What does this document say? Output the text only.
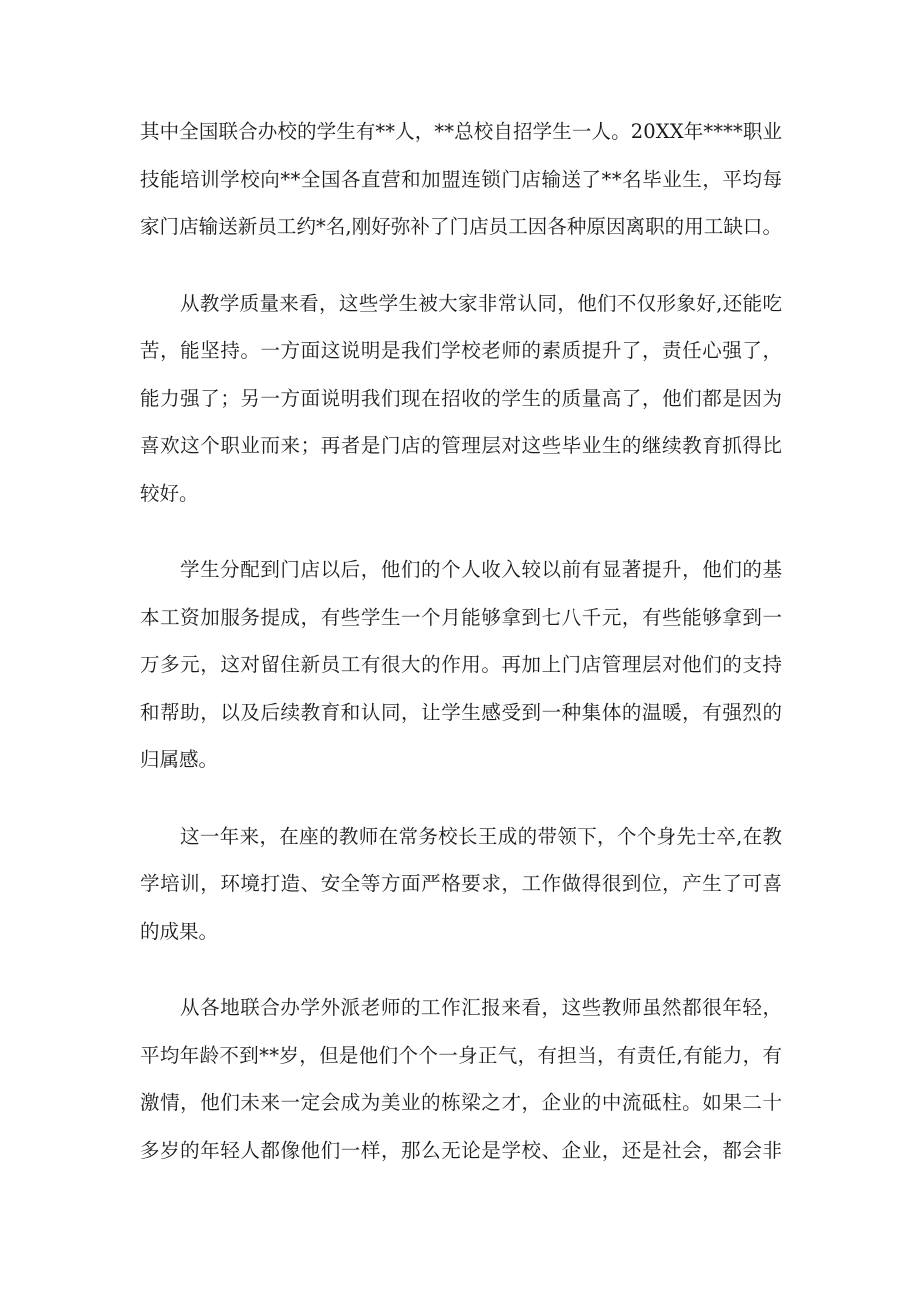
其中全国联合办校的学生有**人，**总校自招学生一人。20XX年****职业
技能培训学校向**全国各直营和加盟连锁门店输送了**名毕业生，平均每
家门店输送新员工约*名,刚好弥补了门店员工因各种原因离职的用工缺口。
从教学质量来看，这些学生被大家非常认同，他们不仅形象好,还能吃
苦，能坚持。一方面这说明是我们学校老师的素质提升了，责任心强了，
能力强了；另一方面说明我们现在招收的学生的质量高了，他们都是因为
喜欢这个职业而来；再者是门店的管理层对这些毕业生的继续教育抓得比
较好。
学生分配到门店以后，他们的个人收入较以前有显著提升，他们的基
本工资加服务提成，有些学生一个月能够拿到七八千元，有些能够拿到一
万多元，这对留住新员工有很大的作用。再加上门店管理层对他们的支持
和帮助，以及后续教育和认同，让学生感受到一种集体的温暖，有强烈的
归属感。
这一年来，在座的教师在常务校长王成的带领下，个个身先士卒,在教
学培训，环境打造、安全等方面严格要求，工作做得很到位，产生了可喜
的成果。
从各地联合办学外派老师的工作汇报来看，这些教师虽然都很年轻，
平均年龄不到**岁，但是他们个个一身正气，有担当，有责任,有能力，有
激情，他们未来一定会成为美业的栋梁之才，企业的中流砥柱。如果二十
多岁的年轻人都像他们一样，那么无论是学校、企业，还是社会，都会非
